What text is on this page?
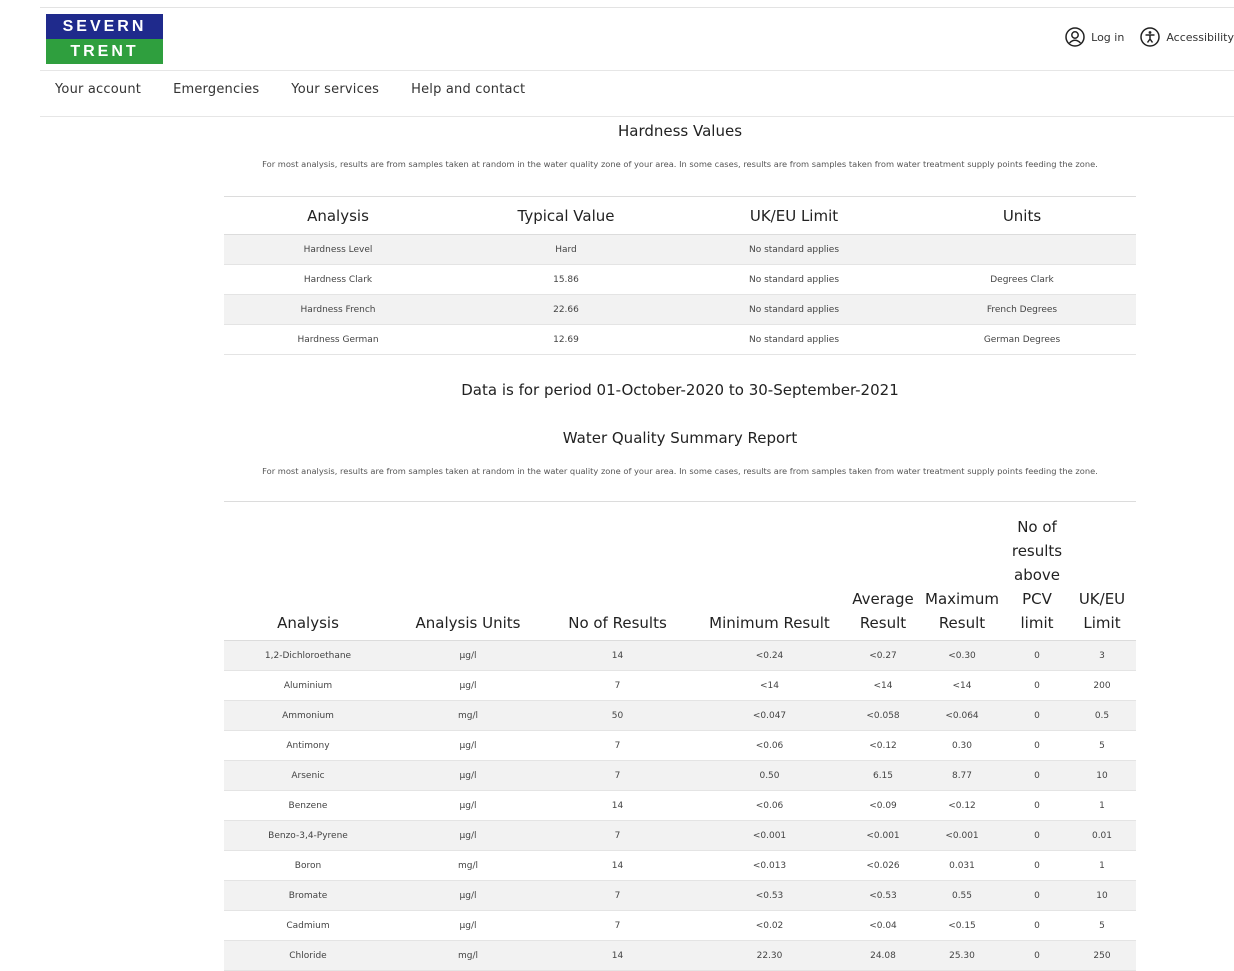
SEVERN
TRENT
Log in	Accessibility
Your account Emergencies Your services Help and contact
Hardness Values
For most analysis, results are from samples taken at random in the water quality zone of your area. In some cases, results are from samples taken from water treatment supply points feeding the zone.
Analysis	Typical Value	UK/EU Limit	Units
Hardness Level	Hard	No standard applies	
Hardness Clark	15.86	No standard applies	Degrees Clark
Hardness French	22.66	No standard applies	French Degrees
Hardness German	12.69	No standard applies	German Degrees
Data is for period 01-October-2020 to 30-September-2021
Water Quality Summary Report
For most analysis, results are from samples taken at random in the water quality zone of your area. In some cases, results are from samples taken from water treatment supply points feeding the zone.
Analysis	Analysis Units	No of Results	Minimum Result	Average Result	Maximum Result	No of results above PCV limit	UK/EU Limit
1,2-Dichloroethane	µg/l	14	<0.24	<0.27	<0.30	0	3
Aluminium	µg/l	7	<14	<14	<14	0	200
Ammonium	mg/l	50	<0.047	<0.058	<0.064	0	0.5
Antimony	µg/l	7	<0.06	<0.12	0.30	0	5
Arsenic	µg/l	7	0.50	6.15	8.77	0	10
Benzene	µg/l	14	<0.06	<0.09	<0.12	0	1
Benzo-3,4-Pyrene	µg/l	7	<0.001	<0.001	<0.001	0	0.01
Boron	mg/l	14	<0.013	<0.026	0.031	0	1
Bromate	µg/l	7	<0.53	<0.53	0.55	0	10
Cadmium	µg/l	7	<0.02	<0.04	<0.15	0	5
Chloride	mg/l	14	22.30	24.08	25.30	0	250
